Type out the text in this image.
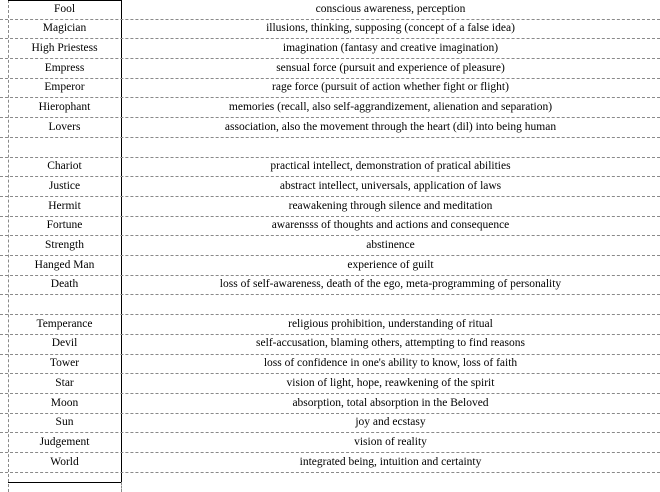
Fool	conscious awareness, perception
Magician	illusions, thinking, supposing (concept of a false idea)
High Priestess	imagination (fantasy and creative imagination)
Empress	sensual force (pursuit and experience of pleasure)
Emperor	rage force (pursuit of action whether fight or flight)
Hierophant	memories (recall, also self-aggrandizement, alienation and separation)
Lovers	association, also the movement through the heart (dil) into being human
Chariot	practical intellect, demonstration of pratical abilities
Justice	abstract intellect, universals, application of laws
Hermit	reawakening through silence and meditation
Fortune	awarensss of thoughts and actions and consequence
Strength	abstinence
Hanged Man	experience of guilt
Death	loss of self-awareness, death of the ego, meta-programming of personality
Temperance	religious prohibition, understanding of ritual
Devil	self-accusation, blaming others, attempting to find reasons
Tower	loss of confidence in one's ability to know, loss of faith
Star	vision of light, hope, reawkening of the spirit
Moon	absorption, total absorption in the Beloved
Sun	joy and ecstasy
Judgement	vision of reality
World	integrated being, intuition and certainty
